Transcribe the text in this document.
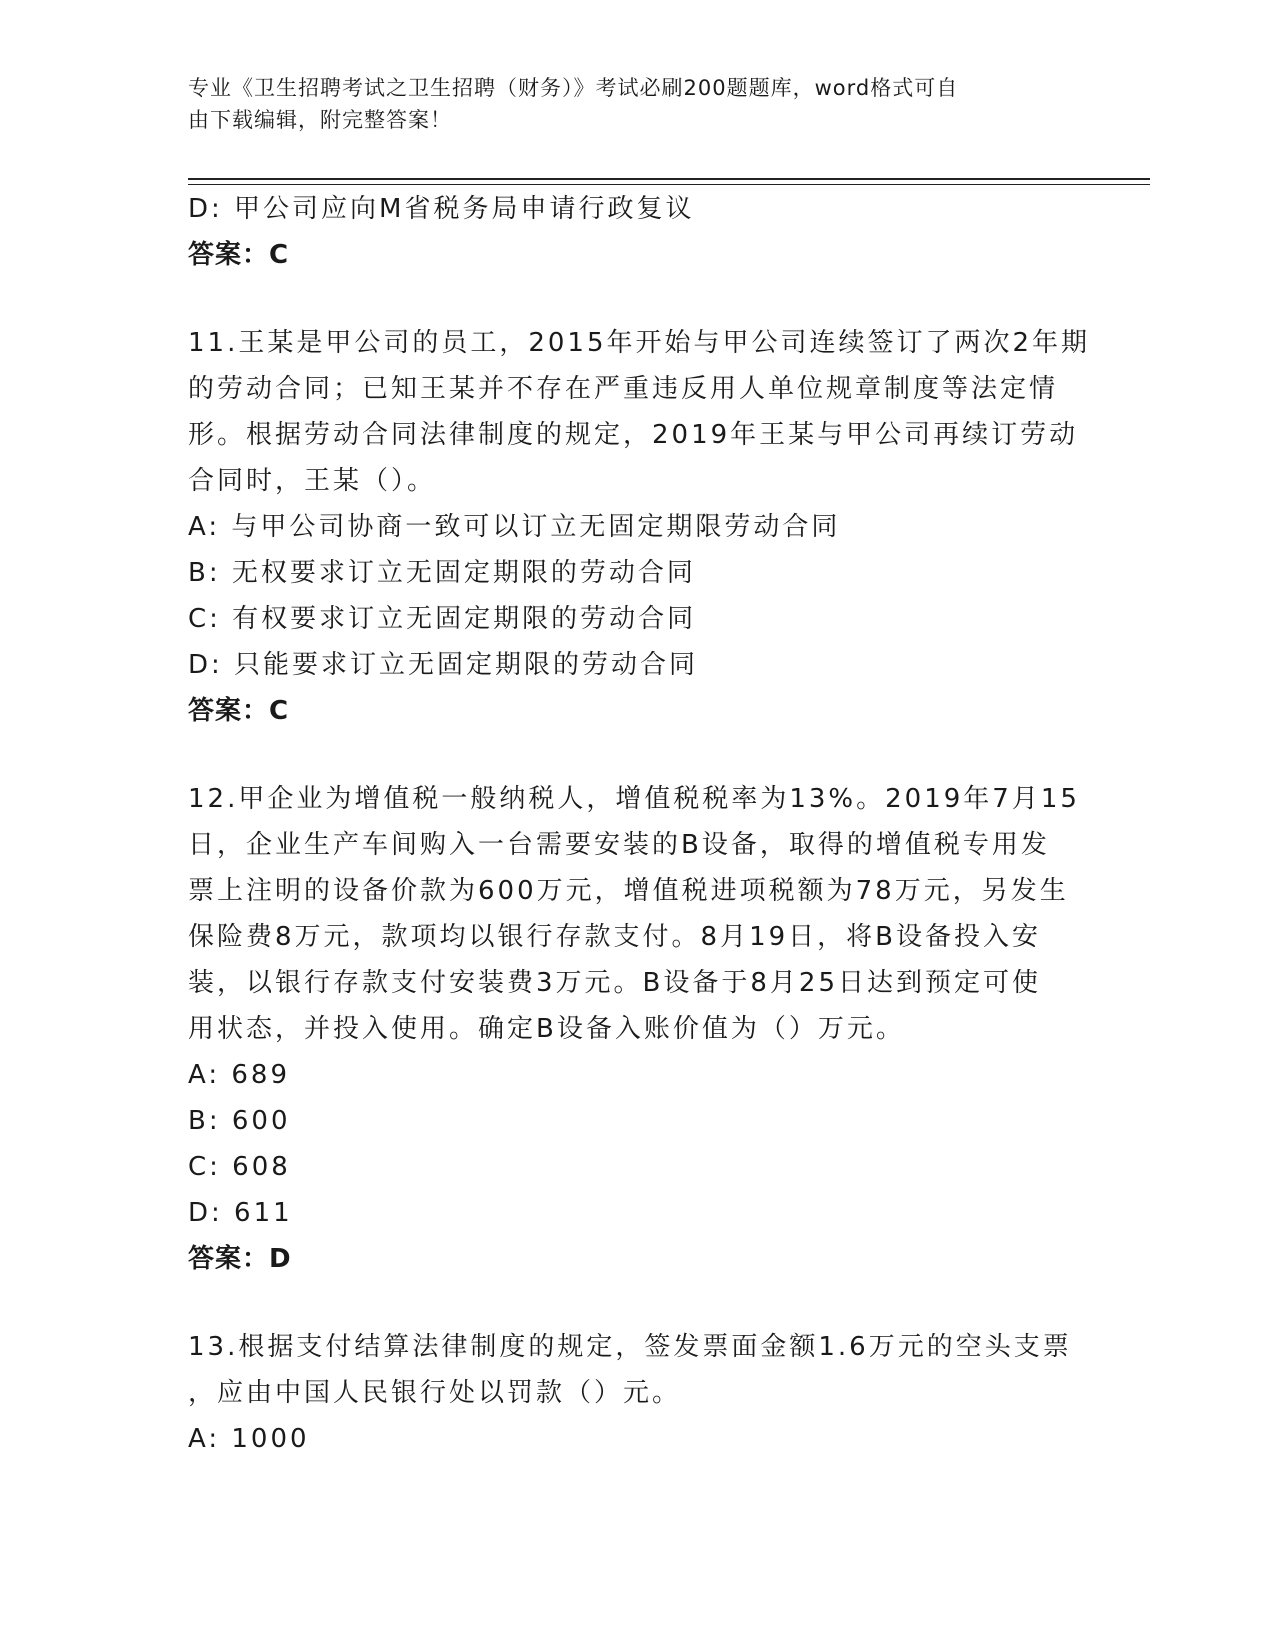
专业《卫生招聘考试之卫生招聘（财务）》考试必刷200题题库，word格式可自
由下载编辑，附完整答案！
D: 甲公司应向M省税务局申请行政复议
答案：C
11.王某是甲公司的员工，2015年开始与甲公司连续签订了两次2年期
的劳动合同；已知王某并不存在严重违反用人单位规章制度等法定情
形。根据劳动合同法律制度的规定，2019年王某与甲公司再续订劳动
合同时，王某（）。
A: 与甲公司协商一致可以订立无固定期限劳动合同
B: 无权要求订立无固定期限的劳动合同
C: 有权要求订立无固定期限的劳动合同
D: 只能要求订立无固定期限的劳动合同
答案：C
12.甲企业为增值税一般纳税人，增值税税率为13%。2019年7月15
日，企业生产车间购入一台需要安装的B设备，取得的增值税专用发
票上注明的设备价款为600万元，增值税进项税额为78万元，另发生
保险费8万元，款项均以银行存款支付。8月19日，将B设备投入安
装，以银行存款支付安装费3万元。B设备于8月25日达到预定可使
用状态，并投入使用。确定B设备入账价值为（）万元。
A: 689
B: 600
C: 608
D: 611
答案：D
13.根据支付结算法律制度的规定，签发票面金额1.6万元的空头支票
，应由中国人民银行处以罚款（）元。
A: 1000
